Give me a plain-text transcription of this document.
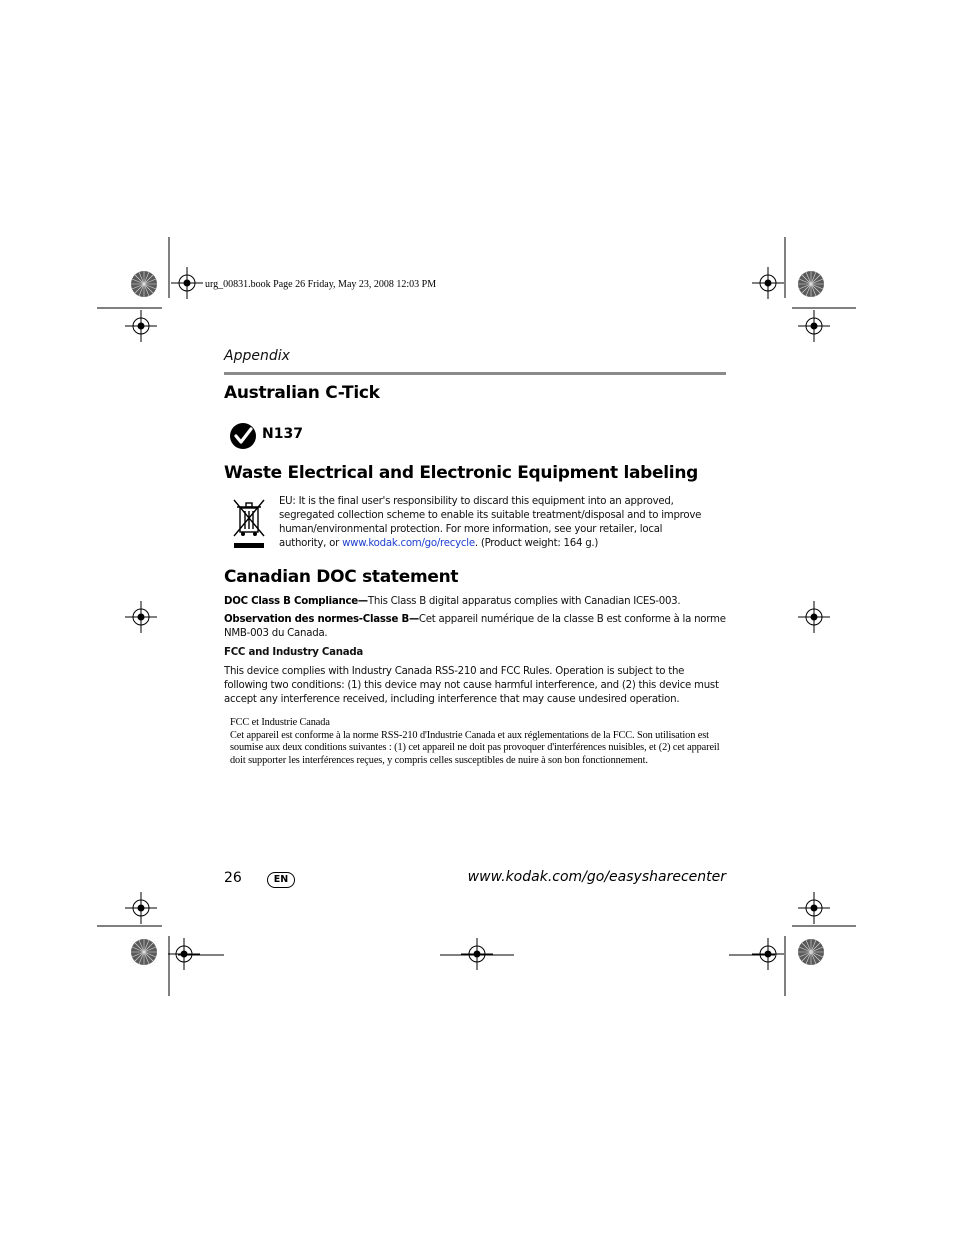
urg_00831.book Page 26 Friday, May 23, 2008 12:03 PM
Appendix
Australian C-Tick
N137
Waste Electrical and Electronic Equipment labeling
EU: It is the final user's responsibility to discard this equipment into an approved, segregated collection scheme to enable its suitable treatment/disposal and to improve human/environmental protection. For more information, see your retailer, local authority, or www.kodak.com/go/recycle. (Product weight: 164 g.)
Canadian DOC statement
DOC Class B Compliance—This Class B digital apparatus complies with Canadian ICES-003.
Observation des normes-Classe B—Cet appareil numérique de la classe B est conforme à la norme NMB-003 du Canada.
FCC and Industry Canada
This device complies with Industry Canada RSS-210 and FCC Rules. Operation is subject to the following two conditions: (1) this device may not cause harmful interference, and (2) this device must accept any interference received, including interference that may cause undesired operation.
FCC et Industrie Canada
Cet appareil est conforme à la norme RSS-210 d'Industrie Canada et aux réglementations de la FCC. Son utilisation est soumise aux deux conditions suivantes : (1) cet appareil ne doit pas provoquer d'interférences nuisibles, et (2) cet appareil doit supporter les interférences reçues, y compris celles susceptibles de nuire à son bon fonctionnement.
26	EN	www.kodak.com/go/easysharecenter
